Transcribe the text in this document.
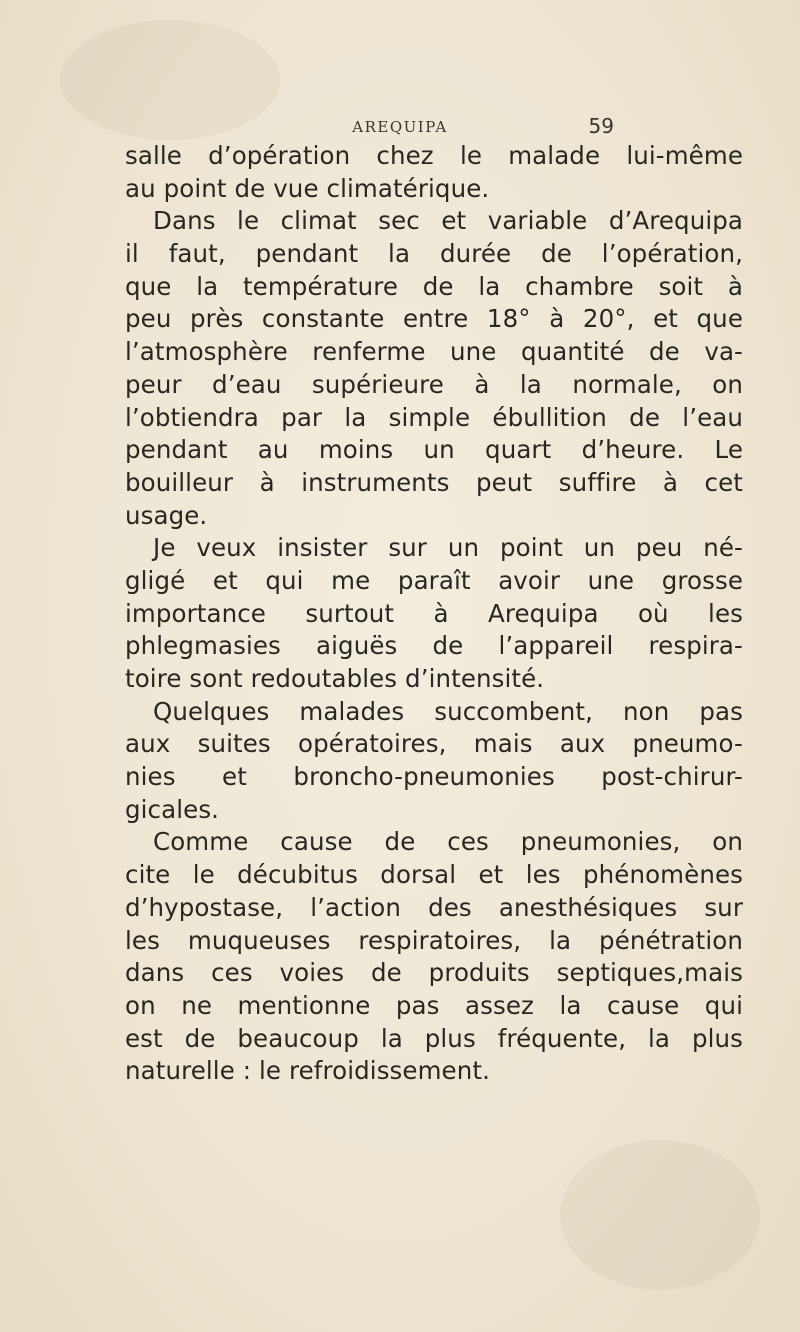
AREQUIPA	59
salle d’opération chez le malade lui-même
au point de vue climatérique.
Dans le climat sec et variable d’Arequipa
il faut, pendant la durée de l’opération,
que la température de la chambre soit à
peu près constante entre 18° à 20°, et que
l’atmosphère renferme une quantité de va-
peur d’eau supérieure à la normale, on
l’obtiendra par la simple ébullition de l’eau
pendant au moins un quart d’heure. Le
bouilleur à instruments peut suffire à cet
usage.
Je veux insister sur un point un peu né-
gligé et qui me paraît avoir une grosse
importance surtout à Arequipa où les
phlegmasies aiguës de l’appareil respira-
toire sont redoutables d’intensité.
Quelques malades succombent, non pas
aux suites opératoires, mais aux pneumo-
nies et broncho-pneumonies post-chirur-
gicales.
Comme cause de ces pneumonies, on
cite le décubitus dorsal et les phénomènes
d’hypostase, l’action des anesthésiques sur
les muqueuses respiratoires, la pénétration
dans ces voies de produits septiques,mais
on ne mentionne pas assez la cause qui
est de beaucoup la plus fréquente, la plus
naturelle : le refroidissement.
